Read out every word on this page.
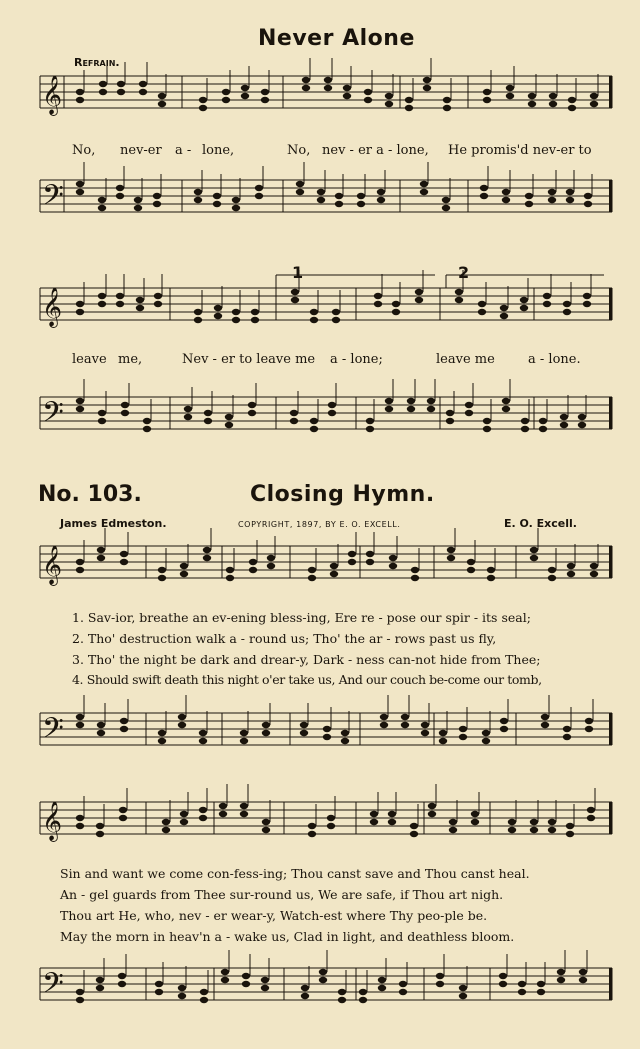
𝄞
𝄢
𝄞
𝄢
𝄞
𝄢
𝄞
𝄢
1	2
Never Alone
Refrain.
No, nev-er a - lone,	No, nev - er a - lone, He promis'd nev-er to
leave me,	Nev - er to leave me a - lone;	leave me	a - lone.
No. 103.	Closing Hymn.
James Edmeston.	COPYRIGHT, 1897, BY E. O. EXCELL.	E. O. Excell.
1. Sav-ior, breathe an ev-ening bless-ing, Ere re - pose our spir - its seal;
2. Tho' destruction walk a - round us; Tho' the ar - rows past us fly,
3. Tho' the night be dark and drear-y, Dark - ness can-not hide from Thee;
4. Should swift death this night o'er take us, And our couch be-come our tomb,
Sin and want we come con-fess-ing; Thou canst save and Thou canst heal.
An - gel guards from Thee sur-round us, We are safe, if Thou art nigh.
Thou art He, who, nev - er wear-y, Watch-est where Thy peo-ple be.
May the morn in heav'n a - wake us, Clad in light, and deathless bloom.
